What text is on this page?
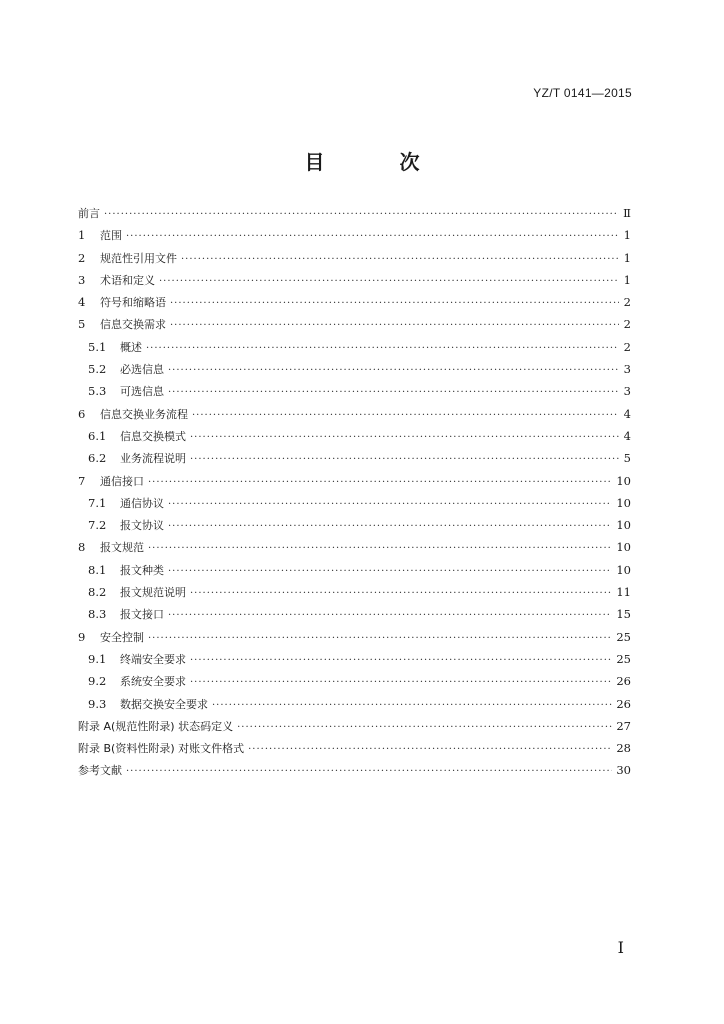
YZ/T 0141—2015
目 次
前言 ·····	Ⅱ
1	范围 ·····	1
2	规范性引用文件 ·····	1
3	术语和定义 ·····	1
4	符号和缩略语 ·····	2
5	信息交换需求 ·····	2
5.1	概述 ·····	2
5.2	必选信息 ·····	3
5.3	可选信息 ·····	3
6	信息交换业务流程 ·····	4
6.1	信息交换模式 ·····	4
6.2	业务流程说明 ·····	5
7	通信接口 ·····	10
7.1	通信协议 ·····	10
7.2	报文协议 ·····	10
8	报文规范 ·····	10
8.1	报文种类 ·····	10
8.2	报文规范说明 ·····	11
8.3	报文接口 ·····	15
9	安全控制 ·····	25
9.1	终端安全要求 ·····	25
9.2	系统安全要求 ·····	26
9.3	数据交换安全要求 ·····	26
附录 A(规范性附录) 状态码定义 ·····	27
附录 B(资料性附录) 对账文件格式 ·····	28
参考文献 ·····	30
I
